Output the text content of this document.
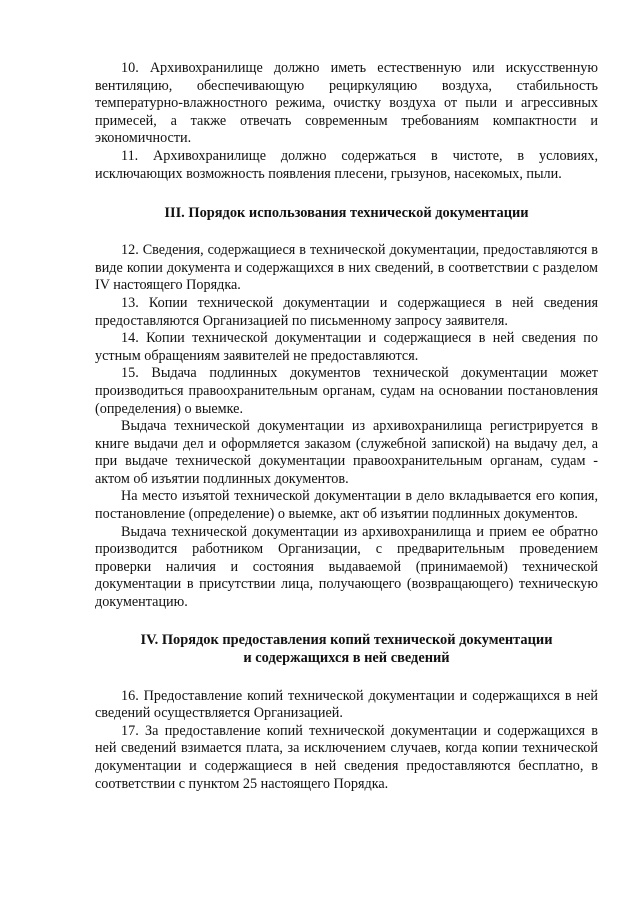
10. Архивохранилище должно иметь естественную или искусственную вентиляцию, обеспечивающую рециркуляцию воздуха, стабильность температурно-влажностного режима, очистку воздуха от пыли и агрессивных примесей, а также отвечать современным требованиям компактности и экономичности.

11. Архивохранилище должно содержаться в чистоте, в условиях, исключающих возможность появления плесени, грызунов, насекомых, пыли.

III. Порядок использования технической документации

12. Сведения, содержащиеся в технической документации, предоставляются в виде копии документа и содержащихся в них сведений, в соответствии с разделом IV настоящего Порядка.

13. Копии технической документации и содержащиеся в ней сведения предоставляются Организацией по письменному запросу заявителя.

14. Копии технической документации и содержащиеся в ней сведения по устным обращениям заявителей не предоставляются.

15. Выдача подлинных документов технической документации может производиться правоохранительным органам, судам на основании постановления (определения) о выемке.

Выдача технической документации из архивохранилища регистрируется в книге выдачи дел и оформляется заказом (служебной запиской) на выдачу дел, а при выдаче технической документации правоохранительным органам, судам - актом об изъятии подлинных документов.

На место изъятой технической документации в дело вкладывается его копия, постановление (определение) о выемке, акт об изъятии подлинных документов.

Выдача технической документации из архивохранилища и прием ее обратно производится работником Организации, с предварительным проведением проверки наличия и состояния выдаваемой (принимаемой) технической документации в присутствии лица, получающего (возвращающего) техническую документацию.

IV. Порядок предоставления копий технической документации
и содержащихся в ней сведений

16. Предоставление копий технической документации и содержащихся в ней сведений осуществляется Организацией.

17. За предоставление копий технической документации и содержащихся в ней сведений взимается плата, за исключением случаев, когда копии технической документации и содержащиеся в ней сведения предоставляются бесплатно, в соответствии с пунктом 25 настоящего Порядка.
